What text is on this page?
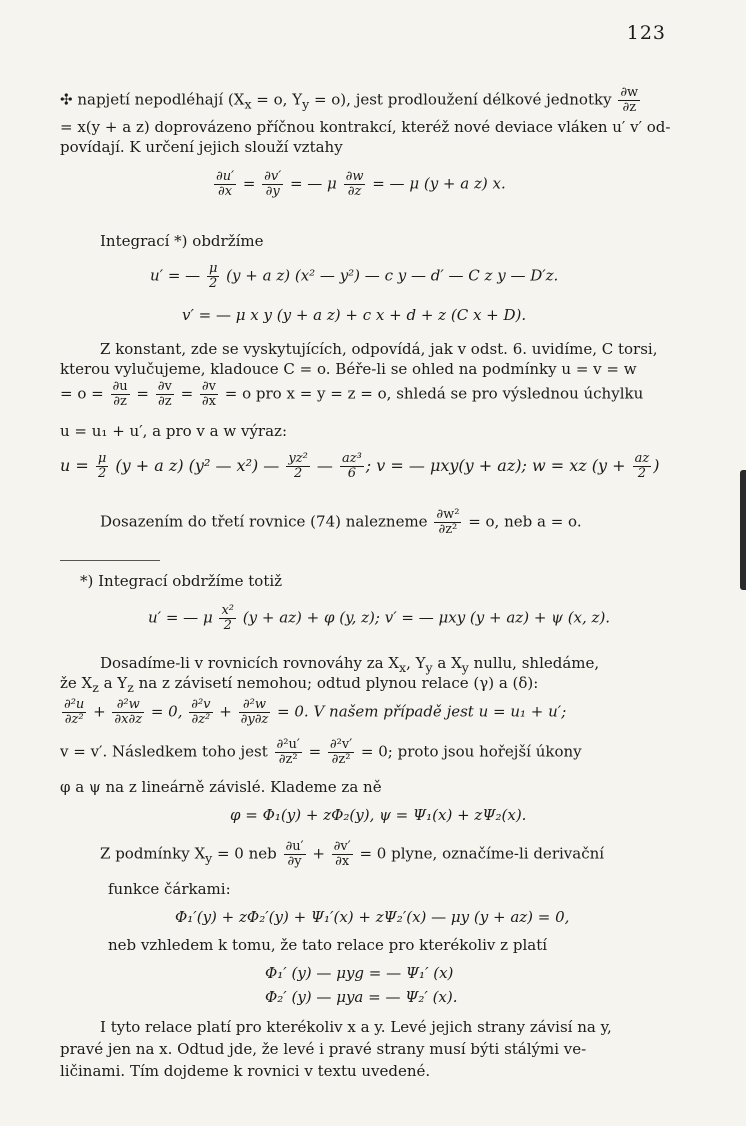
123
✣ napjetí nepodléhají ($X_x = o$, $Y_y = o$), jest prodloužení délkové jednotky $\frac{\partial w}{\partial z}$
= x(y + a z) doprovázeno příčnou kontrakcí, kteréž nové deviace vláken u′ v′ od-
povídají. K určení jejich slouží vztahy
$\frac{\partial u'}{\partial x} = \frac{\partial v'}{\partial y}$ = — μ $\frac{\partial w}{\partial z}$ = — μ (y + a z) x.
Integrací *) obdržíme
u′ = — $\frac{\mu}{2} (y + a$ z) (x² — y²) — c y — d′ — C z y — D′z.
v′ = — μ x y (y + a z) + c x + d + z (C x + D).
Z konstant, zde se vyskytujících, odpovídá, jak v odst. 6. uvidíme, C torsi,
kterou vylučujeme, kladouce C = o. Béře-li se ohled na podmínky u = v = w
= $o = \frac{\partial u}{\partial z} = \frac{\partial v}{\partial z} = \frac{\partial v}{\partial x} = o$ pro x = y = z = o, shledá se pro výslednou úchylku
u = u₁ + u′, a pro v a w výraz:
$u = \frac{\mu}{2} (y + a$ z) (y² — x²) — $\frac{\text{yz²}}{2}$ — $\frac{\text{az³}}{6}$ ; v = — μxy(y + az); w = xz ($y + \frac{az}{2}$ )
Dosazením do třetí rovnice (74) nalezneme $\frac{\text{∂w²}}{\text{∂z²}} = o$, neb a = o.
*) Integrací obdržíme totiž
u′ = — μ $\frac{\text{x²}}{2} (y + az) + \varphi$ (y, z); v′ = — μxy (y + az) + ψ (x, z).
Dosadíme-li v rovnicích rovnováhy za $X_x$, $Y_y$ a $X_y$ nullu, shledáme,
že $X_z$ a $Y_z$ na z závisetí nemohou; odtud plynou relace (γ) a (δ):
$\frac{\text{∂²u}}{\text{∂z²}} + \frac{\text{∂²w}}{\partial x\partial z} = 0$, $\frac{\text{∂²v}}{\text{∂z²}} + \frac{\text{∂²w}}{\partial y\partial z} = 0$. V našem případě jest u = u₁ + u′;
v = v′. Následkem toho jest $\frac{\text{∂²u′}}{\text{∂z²}} = \frac{\text{∂²v′}}{\text{∂z²}} = 0$; proto jsou hořejší úkony
φ a ψ na z lineárně závislé. Klademe za ně
φ = Φ₁(y) + zΦ₂(y), ψ = Ψ₁(x) + zΨ₂(x).
Z podmínky $X_y = 0$ neb $\frac{\partial u'}{\partial y} + \frac{\partial v'}{\partial x} = 0$ plyne, označíme-li derivační
funkce čárkami:
Φ₁′(y) + zΦ₂′(y) + Ψ₁′(x) + zΨ₂′(x) — μy (y + az) = 0,
neb vzhledem k tomu, že tato relace pro kterékoliv z platí
Φ₁′ (y) — μyg = — Ψ₁′ (x)
Φ₂′ (y) — μya = — Ψ₂′ (x).
I tyto relace platí pro kterékoliv x a y. Levé jejich strany závisí na y,
pravé jen na x. Odtud jde, že levé i pravé strany musí býti stálými ve-
ličinami. Tím dojdeme k rovnici v textu uvedené.
